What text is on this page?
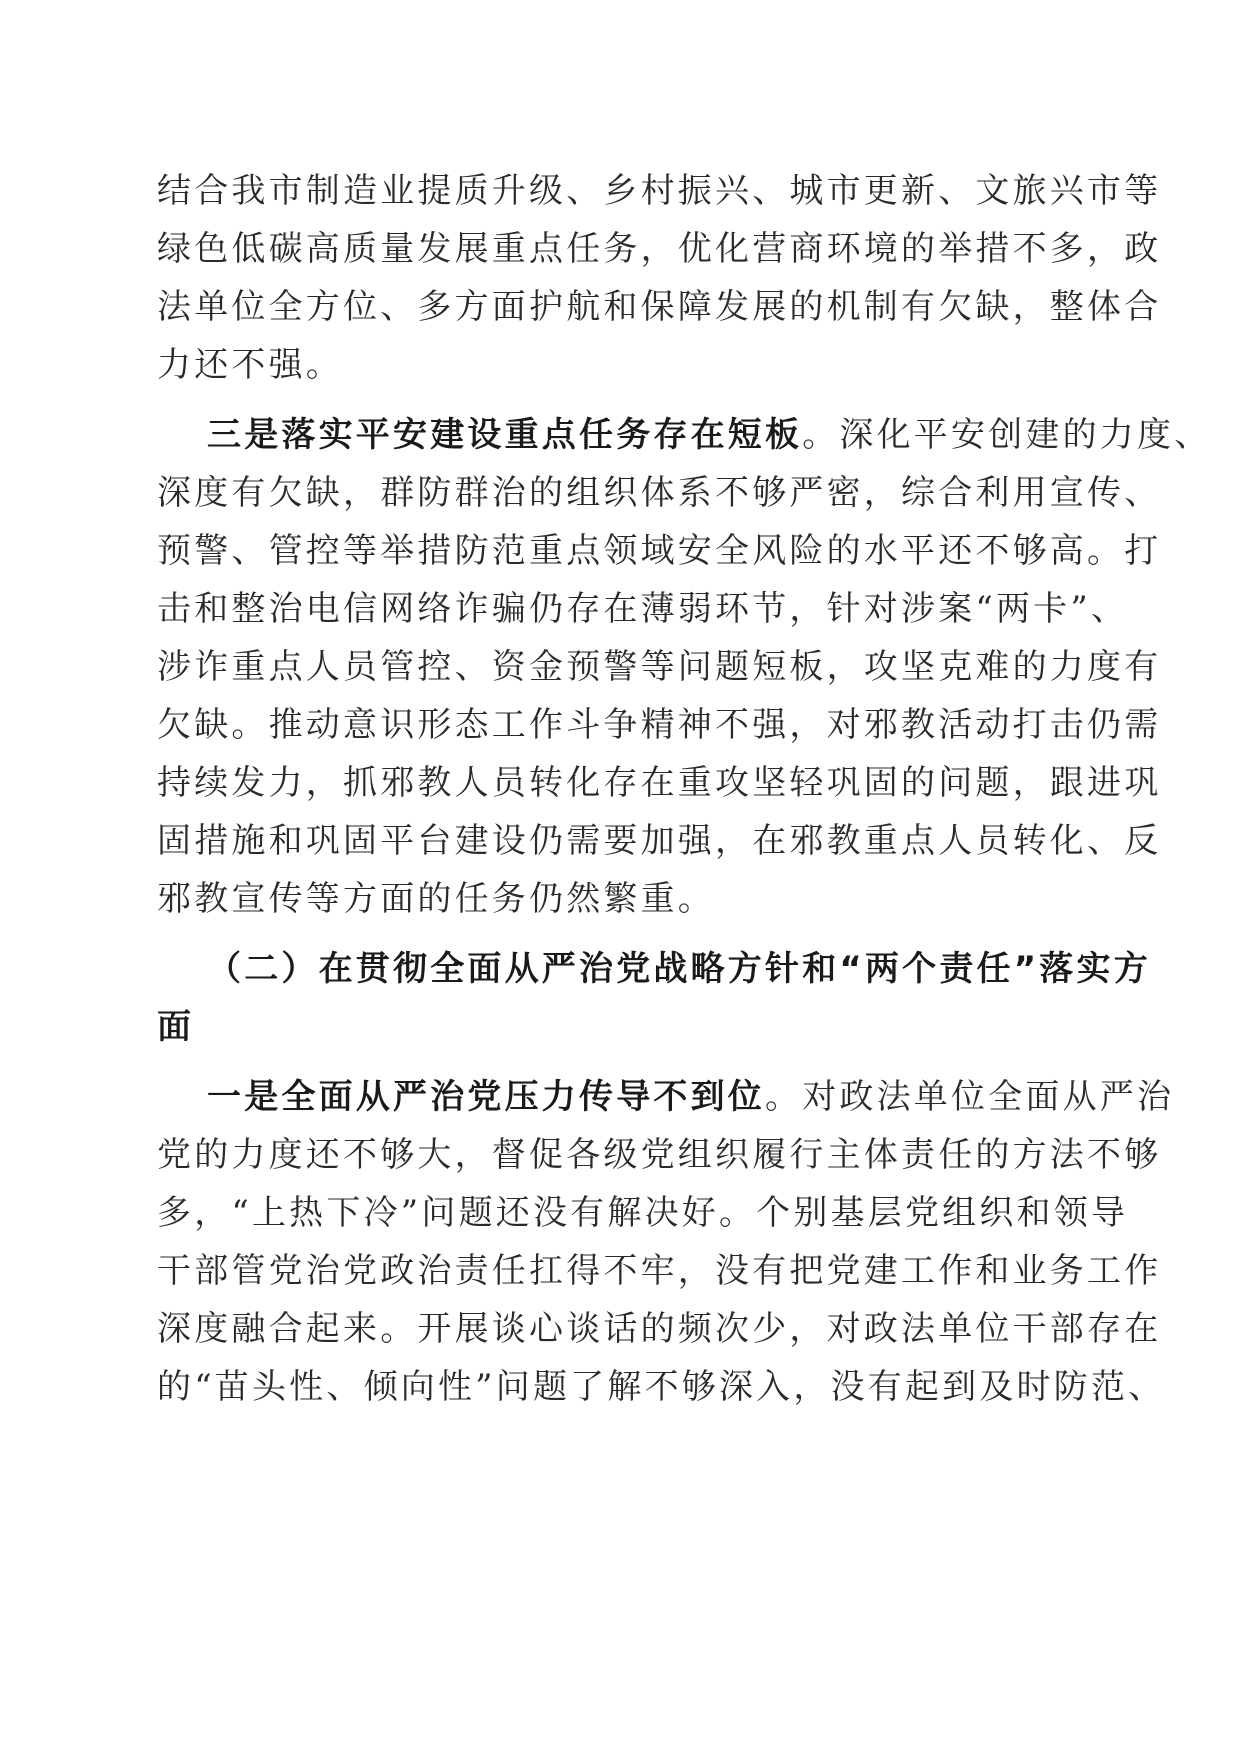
结合我市制造业提质升级、乡村振兴、城市更新、文旅兴市等
绿色低碳高质量发展重点任务，优化营商环境的举措不多，政
法单位全方位、多方面护航和保障发展的机制有欠缺，整体合
力还不强。
三是落实平安建设重点任务存在短板。深化平安创建的力度、
深度有欠缺，群防群治的组织体系不够严密，综合利用宣传、
预警、管控等举措防范重点领域安全风险的水平还不够高。打
击和整治电信网络诈骗仍存在薄弱环节，针对涉案“两卡”、
涉诈重点人员管控、资金预警等问题短板，攻坚克难的力度有
欠缺。推动意识形态工作斗争精神不强，对邪教活动打击仍需
持续发力，抓邪教人员转化存在重攻坚轻巩固的问题，跟进巩
固措施和巩固平台建设仍需要加强，在邪教重点人员转化、反
邪教宣传等方面的任务仍然繁重。
（二）在贯彻全面从严治党战略方针和“两个责任”落实方
面
一是全面从严治党压力传导不到位。对政法单位全面从严治
党的力度还不够大，督促各级党组织履行主体责任的方法不够
多，“上热下冷”问题还没有解决好。个别基层党组织和领导
干部管党治党政治责任扛得不牢，没有把党建工作和业务工作
深度融合起来。开展谈心谈话的频次少，对政法单位干部存在
的“苗头性、倾向性”问题了解不够深入，没有起到及时防范、
